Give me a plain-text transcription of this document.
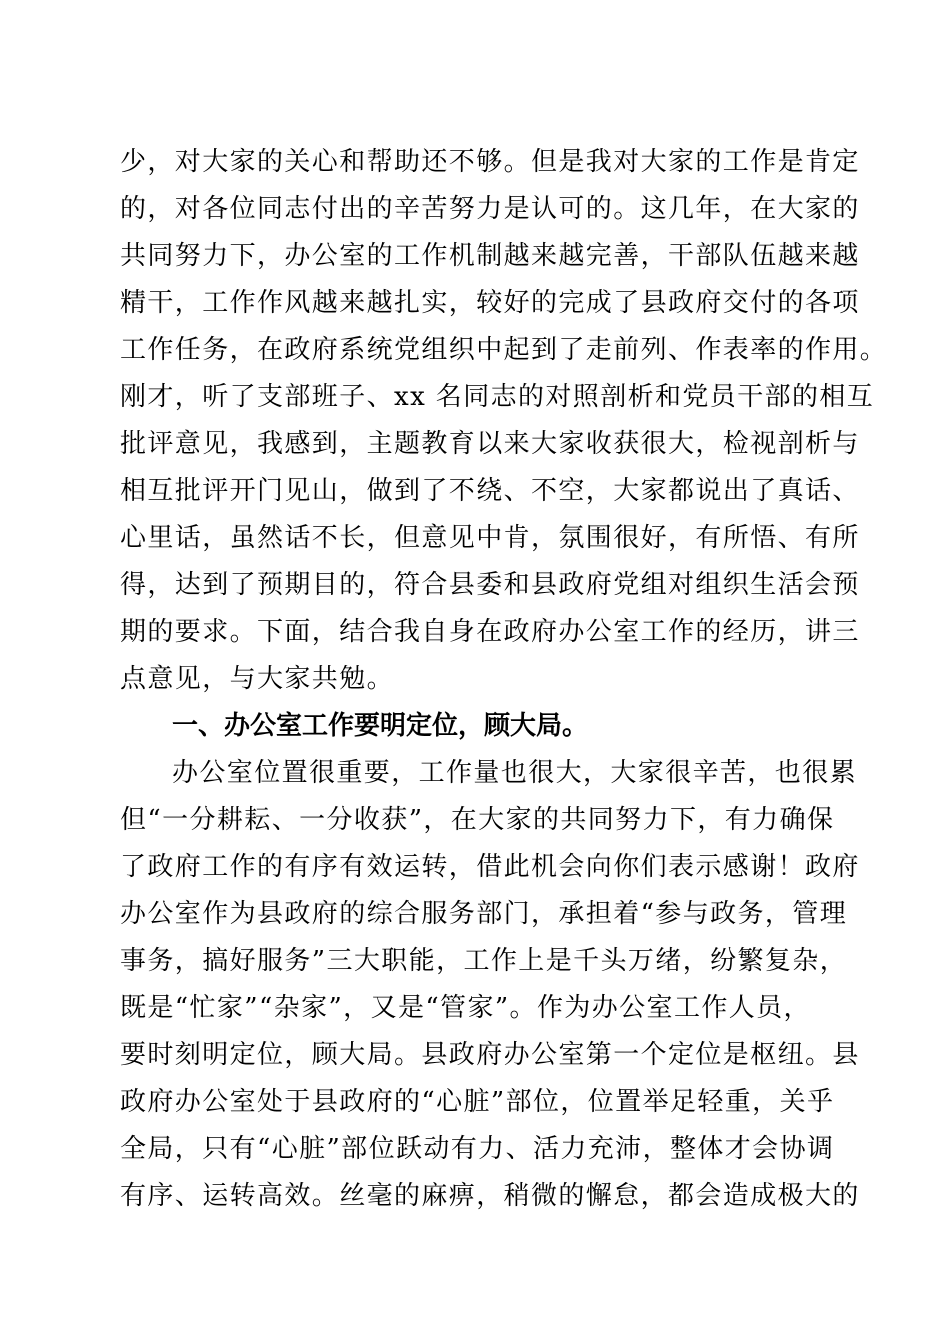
少，对大家的关心和帮助还不够。但是我对大家的工作是肯定
的，对各位同志付出的辛苦努力是认可的。这几年，在大家的
共同努力下，办公室的工作机制越来越完善，干部队伍越来越
精干，工作作风越来越扎实，较好的完成了县政府交付的各项
工作任务，在政府系统党组织中起到了走前列、作表率的作用。
刚才，听了支部班子、xx 名同志的对照剖析和党员干部的相互
批评意见，我感到，主题教育以来大家收获很大，检视剖析与
相互批评开门见山，做到了不绕、不空，大家都说出了真话、
心里话，虽然话不长，但意见中肯，氛围很好，有所悟、有所
得，达到了预期目的，符合县委和县政府党组对组织生活会预
期的要求。下面，结合我自身在政府办公室工作的经历，讲三
点意见，与大家共勉。
一、办公室工作要明定位，顾大局。
办公室位置很重要，工作量也很大，大家很辛苦，也很累
但“一分耕耘、一分收获”，在大家的共同努力下，有力确保
了政府工作的有序有效运转，借此机会向你们表示感谢！政府
办公室作为县政府的综合服务部门，承担着“参与政务，管理
事务，搞好服务”三大职能，工作上是千头万绪，纷繁复杂，
既是“忙家”“杂家”，又是“管家”。作为办公室工作人员，
要时刻明定位，顾大局。县政府办公室第一个定位是枢纽。县
政府办公室处于县政府的“心脏”部位，位置举足轻重，关乎
全局，只有“心脏”部位跃动有力、活力充沛，整体才会协调
有序、运转高效。丝毫的麻痹，稍微的懈怠，都会造成极大的
